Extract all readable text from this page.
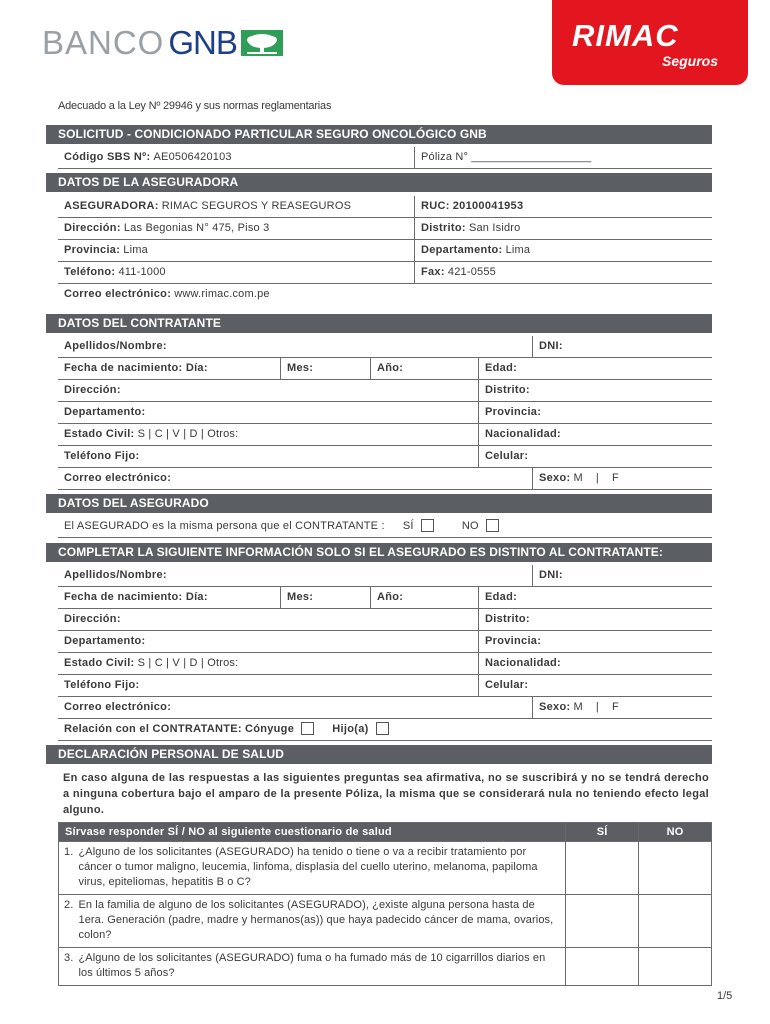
BANCO GNB	RIMAC
Seguros
Adecuado a la Ley Nº 29946 y sus normas reglamentarias
SOLICITUD - CONDICIONADO PARTICULAR SEGURO ONCOLÓGICO GNB
Código SBS Nº: AE0506420103	Póliza N° ___________________
DATOS DE LA ASEGURADORA
ASEGURADORA: RIMAC SEGUROS Y REASEGUROS	RUC: 20100041953
Dirección: Las Begonias N° 475, Piso 3	Distrito: San Isidro
Provincia: Lima	Departamento: Lima
Teléfono: 411-1000	Fax: 421-0555
Correo electrónico: www.rimac.com.pe
DATOS DEL CONTRATANTE
Apellidos/Nombre:	DNI:
Fecha de nacimiento: Día:	Mes:	Año:	Edad:
Dirección:	Distrito:
Departamento:	Provincia:
Estado Civil: S | C | V | D | Otros:	Nacionalidad:
Teléfono Fijo:	Celular:
Correo electrónico:	Sexo: M    |    F
DATOS DEL ASEGURADO
El ASEGURADO es la misma persona que el CONTRATANTE : SÍ	NO
COMPLETAR LA SIGUIENTE INFORMACIÓN SOLO SI EL ASEGURADO ES DISTINTO AL CONTRATANTE:
Apellidos/Nombre:	DNI:
Fecha de nacimiento: Día:	Mes:	Año:	Edad:
Dirección:	Distrito:
Departamento:	Provincia:
Estado Civil: S | C | V | D | Otros:	Nacionalidad:
Teléfono Fijo:	Celular:
Correo electrónico:	Sexo: M    |    F
Relación con el CONTRATANTE: Cónyuge	Hijo(a)
DECLARACIÓN PERSONAL DE SALUD
En caso alguna de las respuestas a las siguientes preguntas sea afirmativa, no se suscribirá y no se tendrá derecho a ninguna cobertura bajo el amparo de la presente Póliza, la misma que se considerará nula no teniendo efecto legal alguno.
Sírvase responder SÍ / NO al siguiente cuestionario de salud		SÍ	NO
1.	¿Alguno de los solicitantes (ASEGURADO) ha tenido o tiene o va a recibir tratamiento por cáncer o tumor maligno, leucemia, linfoma, displasia del cuello uterino, melanoma, papiloma virus, epiteliomas, hepatitis B o C?		
2.	En la familia de alguno de los solicitantes (ASEGURADO), ¿existe alguna persona hasta de 1era. Generación (padre, madre y hermanos(as)) que haya padecido cáncer de mama, ovarios, colon?		
3.	¿Alguno de los solicitantes (ASEGURADO) fuma o ha fumado más de 10 cigarrillos diarios en los últimos 5 años?		
1/5
